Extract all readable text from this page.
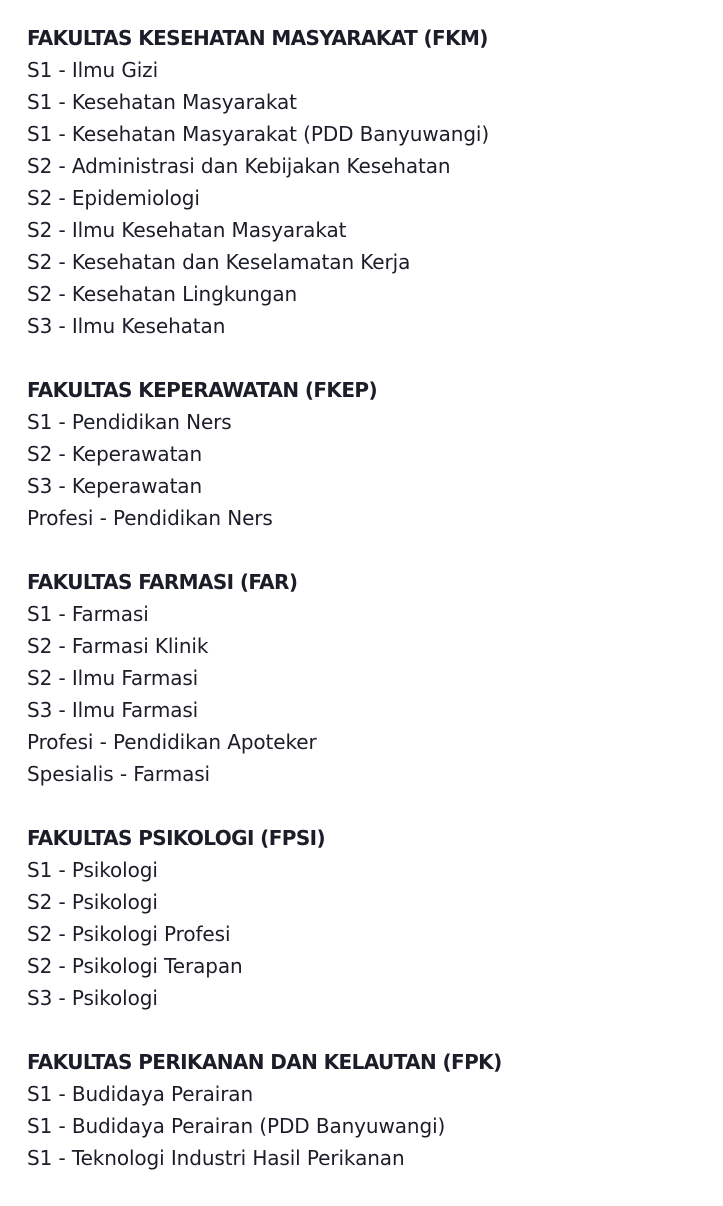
FAKULTAS KESEHATAN MASYARAKAT (FKM)
S1 - Ilmu Gizi
S1 - Kesehatan Masyarakat
S1 - Kesehatan Masyarakat (PDD Banyuwangi)
S2 - Administrasi dan Kebijakan Kesehatan
S2 - Epidemiologi
S2 - Ilmu Kesehatan Masyarakat
S2 - Kesehatan dan Keselamatan Kerja
S2 - Kesehatan Lingkungan
S3 - Ilmu Kesehatan
FAKULTAS KEPERAWATAN (FKEP)
S1 - Pendidikan Ners
S2 - Keperawatan
S3 - Keperawatan
Profesi - Pendidikan Ners
FAKULTAS FARMASI (FAR)
S1 - Farmasi
S2 - Farmasi Klinik
S2 - Ilmu Farmasi
S3 - Ilmu Farmasi
Profesi - Pendidikan Apoteker
Spesialis - Farmasi
FAKULTAS PSIKOLOGI (FPSI)
S1 - Psikologi
S2 - Psikologi
S2 - Psikologi Profesi
S2 - Psikologi Terapan
S3 - Psikologi
FAKULTAS PERIKANAN DAN KELAUTAN (FPK)
S1 - Budidaya Perairan
S1 - Budidaya Perairan (PDD Banyuwangi)
S1 - Teknologi Industri Hasil Perikanan
